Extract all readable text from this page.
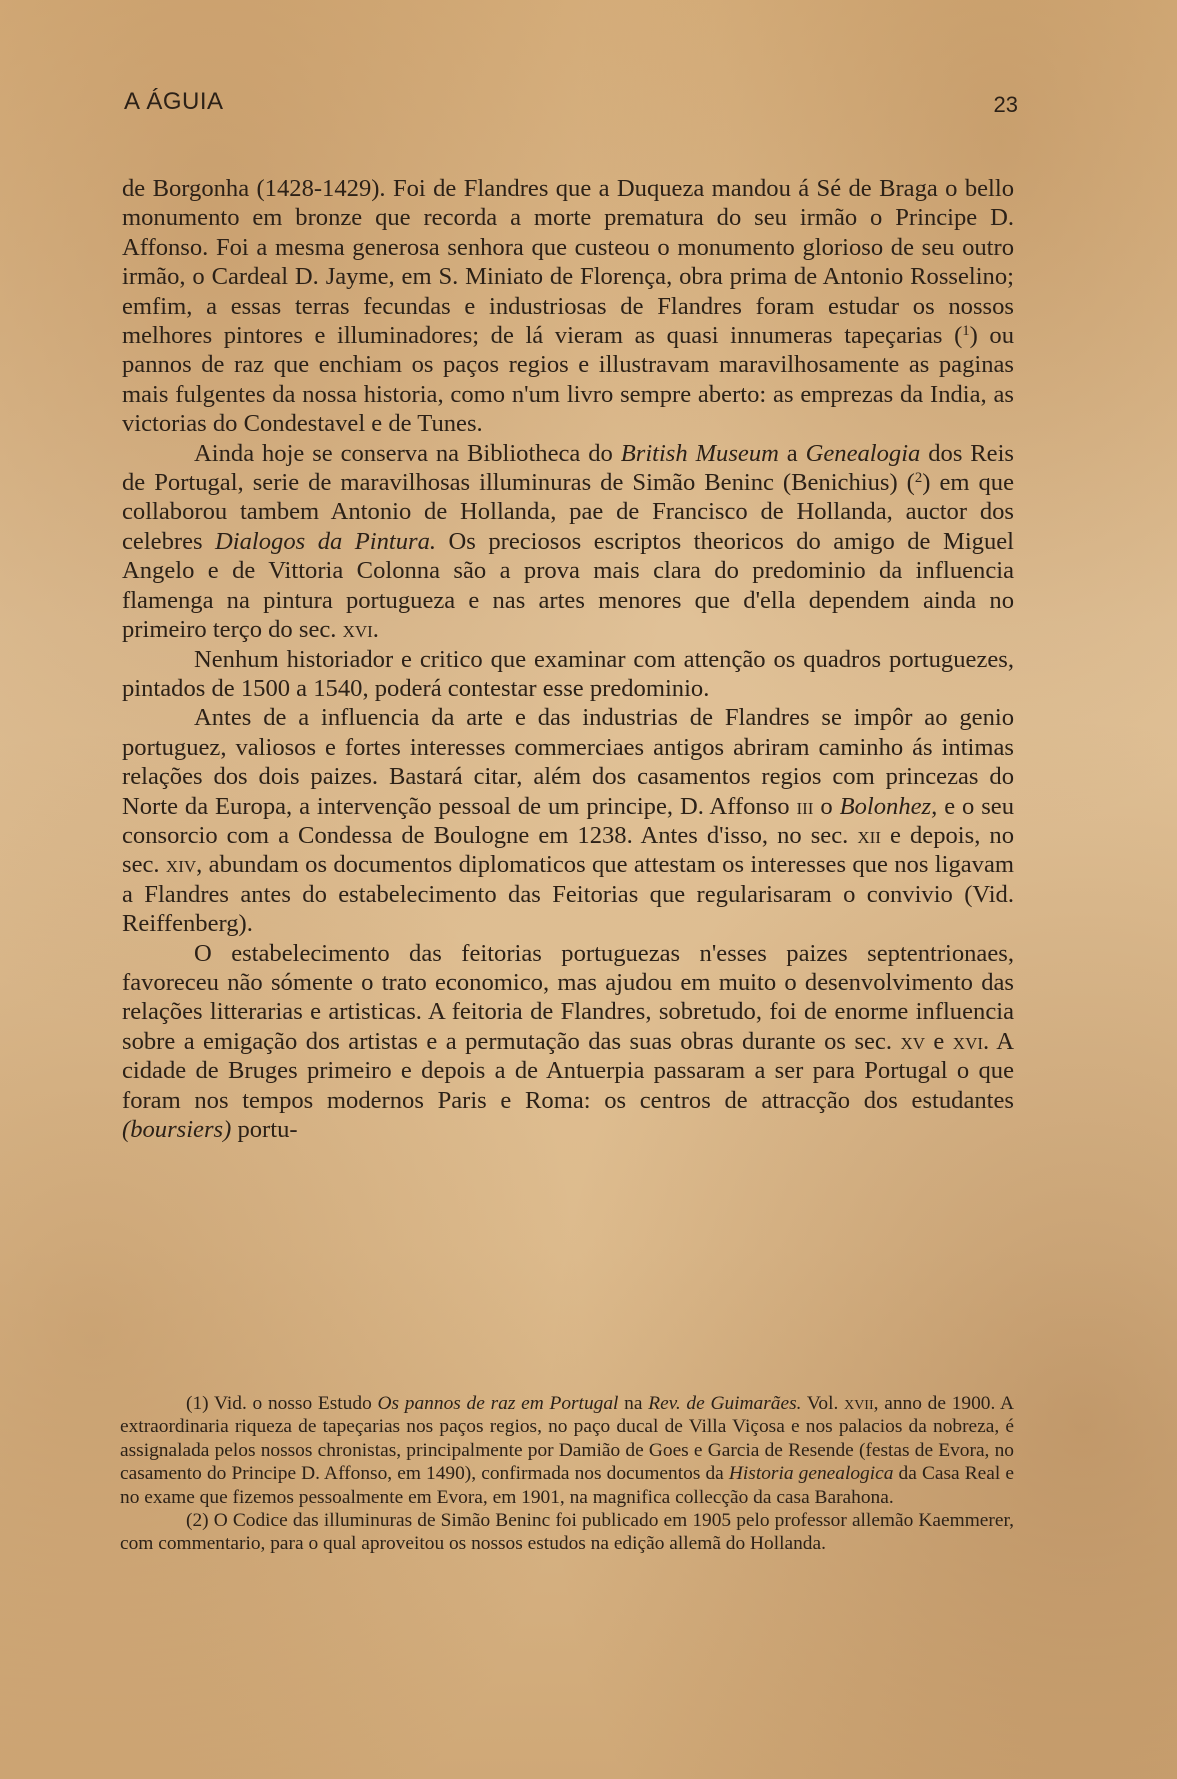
A ÁGUIA	23

de Borgonha (1428-1429). Foi de Flandres que a Duqueza mandou á Sé de Braga o bello monumento em bronze que recorda a morte prematura do seu irmão o Principe D. Affonso. Foi a mesma generosa senhora que custeou o monumento glorioso de seu outro irmão, o Cardeal D. Jayme, em S. Miniato de Florença, obra prima de Antonio Rosselino; emfim, a essas terras fecundas e industriosas de Flandres foram estudar os nossos melhores pintores e illuminadores; de lá vieram as quasi innumeras tapeçarias ($^1$) ou pannos de raz que enchiam os paços regios e illustravam maravilhosamente as paginas mais fulgentes da nossa historia, como n'um livro sempre aberto: as emprezas da India, as victorias do Condestavel e de Tunes.

Ainda hoje se conserva na Bibliotheca do British Museum a Genealogia dos Reis de Portugal, serie de maravilhosas illuminuras de Simão Beninc (Benichius) ($^2$) em que collaborou tambem Antonio de Hollanda, pae de Francisco de Hollanda, auctor dos celebres Dialogos da Pintura. Os preciosos escriptos theoricos do amigo de Miguel Angelo e de Vittoria Colonna são a prova mais clara do predominio da influencia flamenga na pintura portugueza e nas artes menores que d'ella dependem ainda no primeiro terço do sec. xvi.

Nenhum historiador e critico que examinar com attenção os quadros portuguezes, pintados de 1500 a 1540, poderá contestar esse predominio.

Antes de a influencia da arte e das industrias de Flandres se impôr ao genio portuguez, valiosos e fortes interesses commerciaes antigos abriram caminho ás intimas relações dos dois paizes. Bastará citar, além dos casamentos regios com princezas do Norte da Europa, a intervenção pessoal de um principe, D. Affonso iii o Bolonhez, e o seu consorcio com a Condessa de Boulogne em 1238. Antes d'isso, no sec. xii e depois, no sec. xiv, abundam os documentos diplomaticos que attestam os interesses que nos ligavam a Flandres antes do estabelecimento das Feitorias que regularisaram o convivio (Vid. Reiffenberg).

O estabelecimento das feitorias portuguezas n'esses paizes septentrionaes, favoreceu não sómente o trato economico, mas ajudou em muito o desenvolvimento das relações litterarias e artisticas. A feitoria de Flandres, sobretudo, foi de enorme influencia sobre a emigação dos artistas e a permutação das suas obras durante os sec. xv e xvi. A cidade de Bruges primeiro e depois a de Antuerpia passaram a ser para Portugal o que foram nos tempos modernos Paris e Roma: os centros de attracção dos estudantes (boursiers) portu-

(1) Vid. o nosso Estudo Os pannos de raz em Portugal na Rev. de Guimarães. Vol. xvii, anno de 1900. A extraordinaria riqueza de tapeçarias nos paços regios, no paço ducal de Villa Viçosa e nos palacios da nobreza, é assignalada pelos nossos chronistas, principalmente por Damião de Goes e Garcia de Resende (festas de Evora, no casamento do Principe D. Affonso, em 1490), confirmada nos documentos da Historia genealogica da Casa Real e no exame que fizemos pessoalmente em Evora, em 1901, na magnifica collecção da casa Barahona.

(2) O Codice das illuminuras de Simão Beninc foi publicado em 1905 pelo professor allemão Kaemmerer, com commentario, para o qual aproveitou os nossos estudos na edição allemã do Hollanda.
